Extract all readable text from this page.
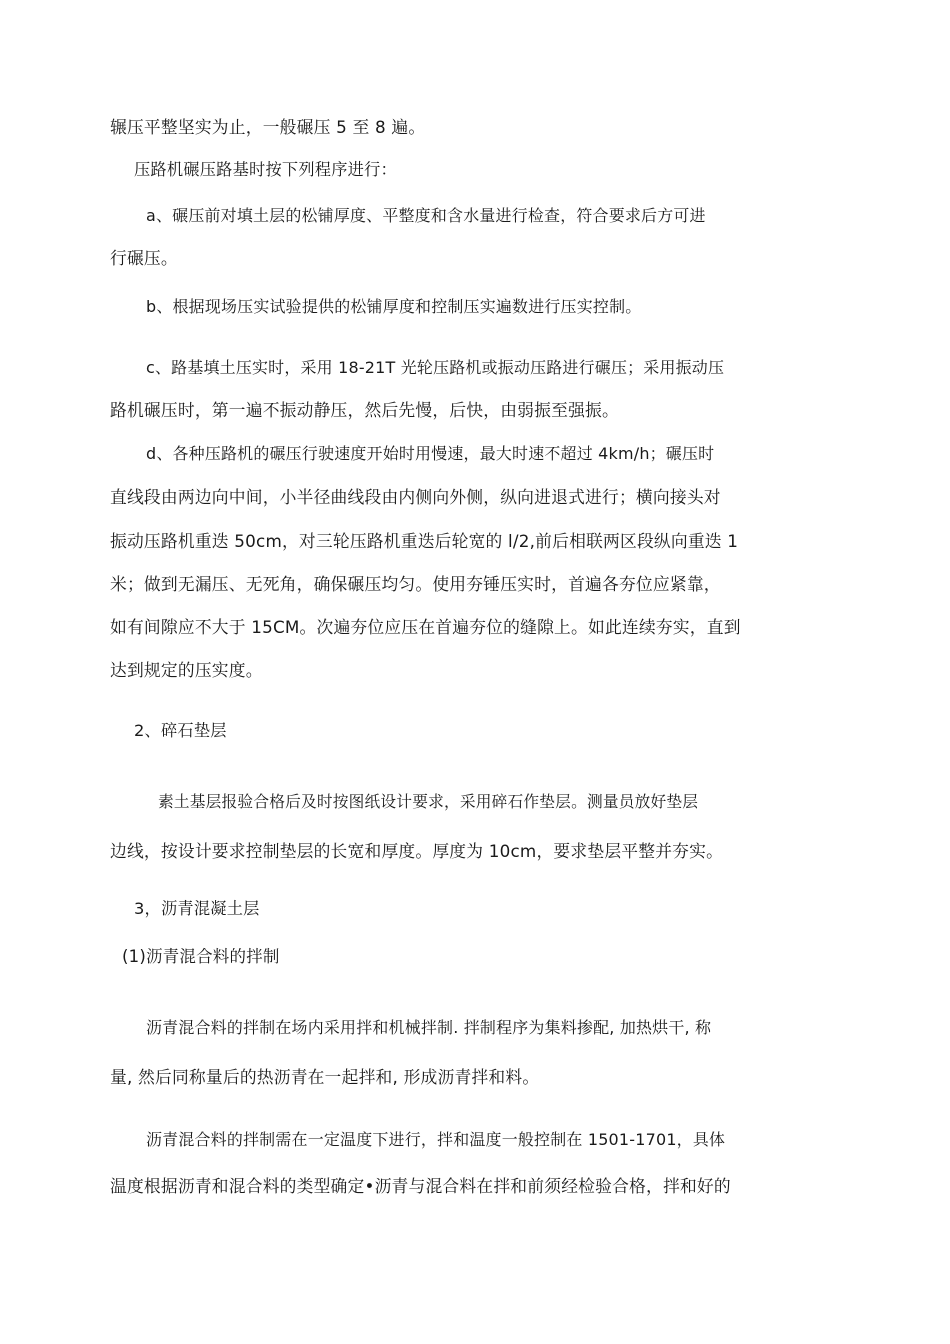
辗压平整坚实为止，一般碾压 5 至 8 遍。
压路机碾压路基时按下列程序进行：
a、碾压前对填土层的松铺厚度、平整度和含水量进行检查，符合要求后方可进
行碾压。
b、根据现场压实试验提供的松铺厚度和控制压实遍数进行压实控制。
c、路基填土压实时，采用 18-21T 光轮压路机或振动压路进行碾压；采用振动压
路机碾压时，第一遍不振动静压，然后先慢，后快，由弱振至强振。
d、各种压路机的碾压行驶速度开始时用慢速，最大时速不超过 4km/h；碾压时
直线段由两边向中间，小半径曲线段由内侧向外侧，纵向进退式进行；横向接头对
振动压路机重迭 50cm，对三轮压路机重迭后轮宽的 l/2,前后相联两区段纵向重迭 1
米；做到无漏压、无死角，确保碾压均匀。使用夯锤压实时，首遍各夯位应紧靠，
如有间隙应不大于 15CM。次遍夯位应压在首遍夯位的缝隙上。如此连续夯实，直到
达到规定的压实度。
2、碎石垫层
素土基层报验合格后及时按图纸设计要求，采用碎石作垫层。测量员放好垫层
边线，按设计要求控制垫层的长宽和厚度。厚度为 10cm，要求垫层平整并夯实。
3，沥青混凝土层
(1)沥青混合料的拌制
沥青混合料的拌制在场内采用拌和机械拌制. 拌制程序为集料掺配, 加热烘干, 称
量, 然后同称量后的热沥青在一起拌和, 形成沥青拌和料。
沥青混合料的拌制需在一定温度下进行，拌和温度一般控制在 1501-1701，具体
温度根据沥青和混合料的类型确定•沥青与混合料在拌和前须经检验合格，拌和好的
